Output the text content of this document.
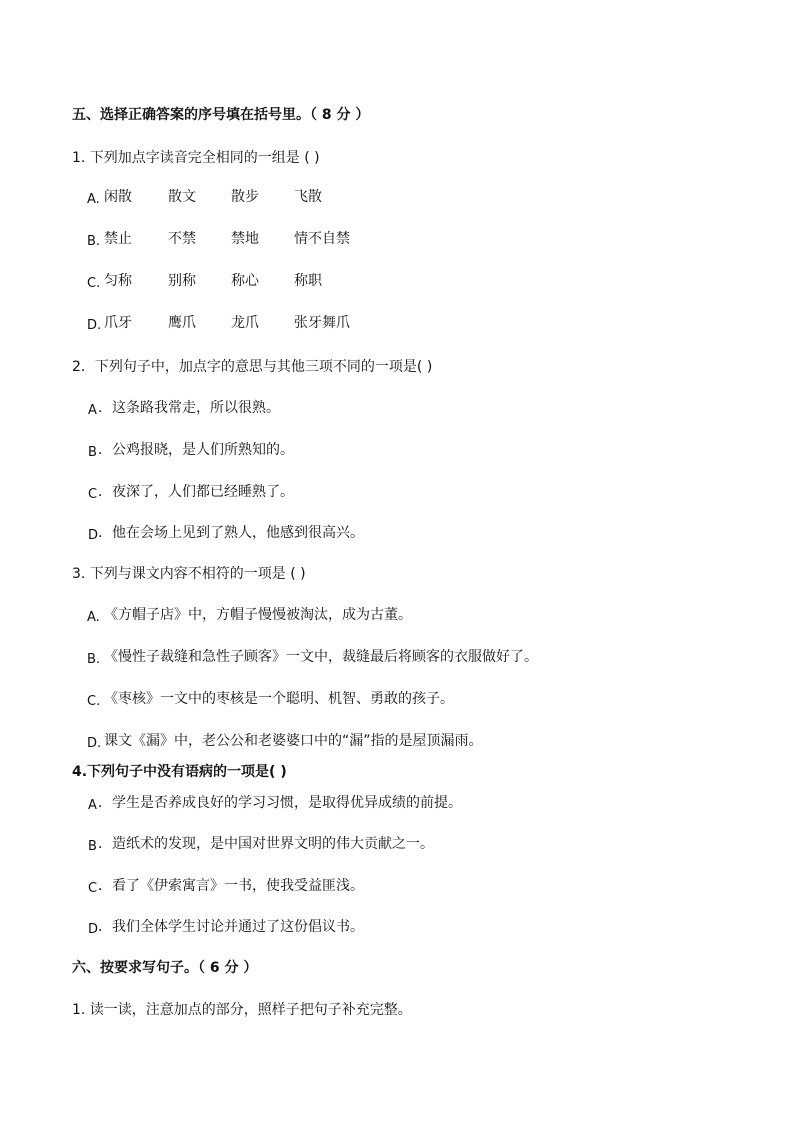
五、选择正确答案的序号填在括号里。（ 8 分 ）
1. 下列加点字读音完全相同的一组是 ( )
A. 闲散	散文	散步	飞散
B. 禁止	不禁	禁地	情不自禁
C. 匀称	别称	称心	称职
D. 爪牙	鹰爪	龙爪	张牙舞爪
2．下列句子中，加点字的意思与其他三项不同的一项是( )
A ．这条路我常走，所以很熟。
B ．公鸡报晓，是人们所熟知的。
C ．夜深了，人们都已经睡熟了。
D ．他在会场上见到了熟人，他感到很高兴。
3. 下列与课文内容不相符的一项是 ( )
A. 《方帽子店》中，方帽子慢慢被淘汰，成为古董。
B. 《慢性子裁缝和急性子顾客》一文中，裁缝最后将顾客的衣服做好了。
C. 《枣核》一文中的枣核是一个聪明、机智、勇敢的孩子。
D. 课文《漏》中，老公公和老婆婆口中的“漏”指的是屋顶漏雨。
4.下列句子中没有语病的一项是( )
A ．学生是否养成良好的学习习惯，是取得优异成绩的前提。
B ．造纸术的发现，是中国对世界文明的伟大贡献之一。
C ．看了《伊索寓言》一书，使我受益匪浅。
D ．我们全体学生讨论并通过了这份倡议书。
六、按要求写句子。（ 6 分 ）
1. 读一读，注意加点的部分，照样子把句子补充完整。
